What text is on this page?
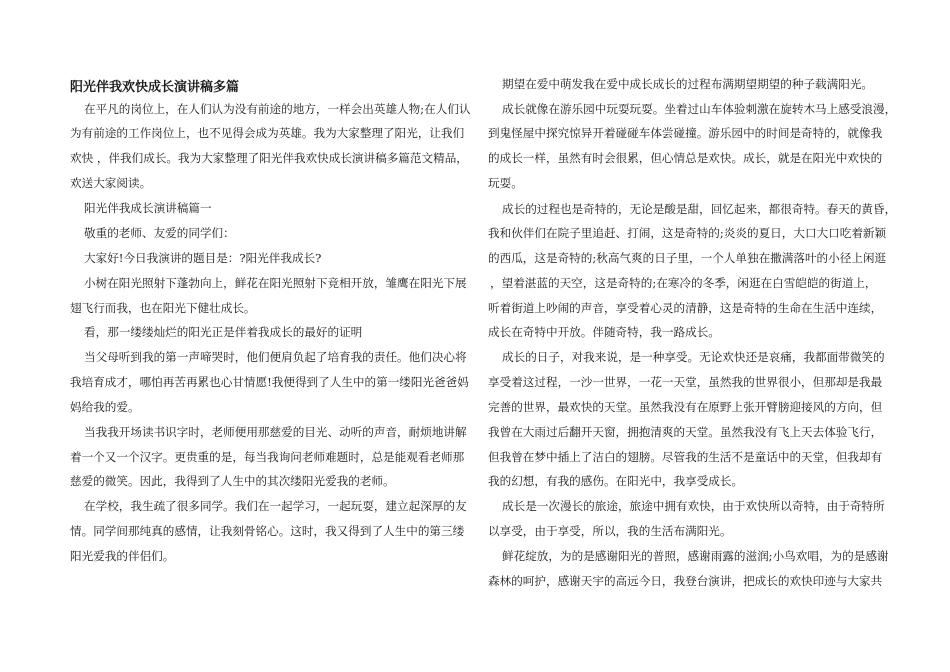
阳光伴我欢快成长演讲稿多篇
在平凡的岗位上，在人们认为没有前途的地方，一样会出英雄人物;在人们认
为有前途的工作岗位上，也不见得会成为英雄。我为大家整理了阳光，让我们
欢快 ，伴我们成长。我为大家整理了阳光伴我欢快成长演讲稿多篇范文精品，
欢送大家阅读。
阳光伴我成长演讲稿篇一
敬重的老师、友爱的同学们：
大家好!今日我演讲的题目是：?阳光伴我成长?
小树在阳光照射下蓬勃向上，鲜花在阳光照射下竞相开放，雏鹰在阳光下展
翅飞行而我，也在阳光下健壮成长。
看，那一缕缕灿烂的阳光正是伴着我成长的最好的证明
当父母听到我的第一声啼哭时，他们便肩负起了培育我的责任。他们决心将
我培育成才，哪怕再苦再累也心甘情愿!我便得到了人生中的第一缕阳光爸爸妈
妈给我的爱。
当我我开场读书识字时，老师便用那慈爱的目光、动听的声音，耐烦地讲解
着一个又一个汉字。更贵重的是，每当我询问老师难题时，总是能观看老师那
慈爱的微笑。因此，我得到了人生中的其次缕阳光爱我的老师。
在学校，我生疏了很多同学。我们在一起学习，一起玩耍，建立起深厚的友
情。同学间那纯真的感情，让我刻骨铭心。这时，我又得到了人生中的第三缕
阳光爱我的伴侣们。
期望在爱中萌发我在爱中成长成长的过程布满期望期望的种子载满阳光。
成长就像在游乐园中玩耍玩耍。坐着过山车体验刺激在旋转木马上感受浪漫，
到鬼怪屋中探究惊异开着碰碰车体尝碰撞。游乐园中的时间是奇特的，就像我
的成长一样，虽然有时会很累，但心情总是欢快。成长，就是在阳光中欢快的
玩耍。
成长的过程也是奇特的，无论是酸是甜，回忆起来，都很奇特。春天的黄昏，
我和伙伴们在院子里追赶、打闹，这是奇特的;炎炎的夏日，大口大口吃着新颖
的西瓜，这是奇特的;秋高气爽的日子里，一个人单独在撒满落叶的小径上闲逛
，望着湛蓝的天空，这是奇特的;在寒冷的冬季，闲逛在白雪皑皑的街道上，
听着街道上吵闹的声音，享受着心灵的清静，这是奇特的生命在生活中连续，
成长在奇特中开放。伴随奇特，我一路成长。
成长的日子，对我来说，是一种享受。无论欢快还是哀痛，我都面带微笑的
享受着这过程，一沙一世界，一花一天堂，虽然我的世界很小，但那却是我最
完善的世界，最欢快的天堂。虽然我没有在原野上张开臂膀迎接风的方向，但
我曾在大雨过后翻开天窗，拥抱清爽的天堂。虽然我没有飞上天去体验飞行，
但我曾在梦中插上了洁白的翅膀。尽管我的生活不是童话中的天堂，但我却有
我的幻想，有我的感伤。在阳光中，我享受成长。
成长是一次漫长的旅途，旅途中拥有欢快，由于欢快所以奇特，由于奇特所
以享受，由于享受，所以，我的生活布满阳光。
鲜花绽放，为的是感谢阳光的普照，感谢雨露的滋润;小鸟欢唱，为的是感谢
森林的呵护，感谢天宇的高远今日，我登台演讲，把成长的欢快印迹与大家共
